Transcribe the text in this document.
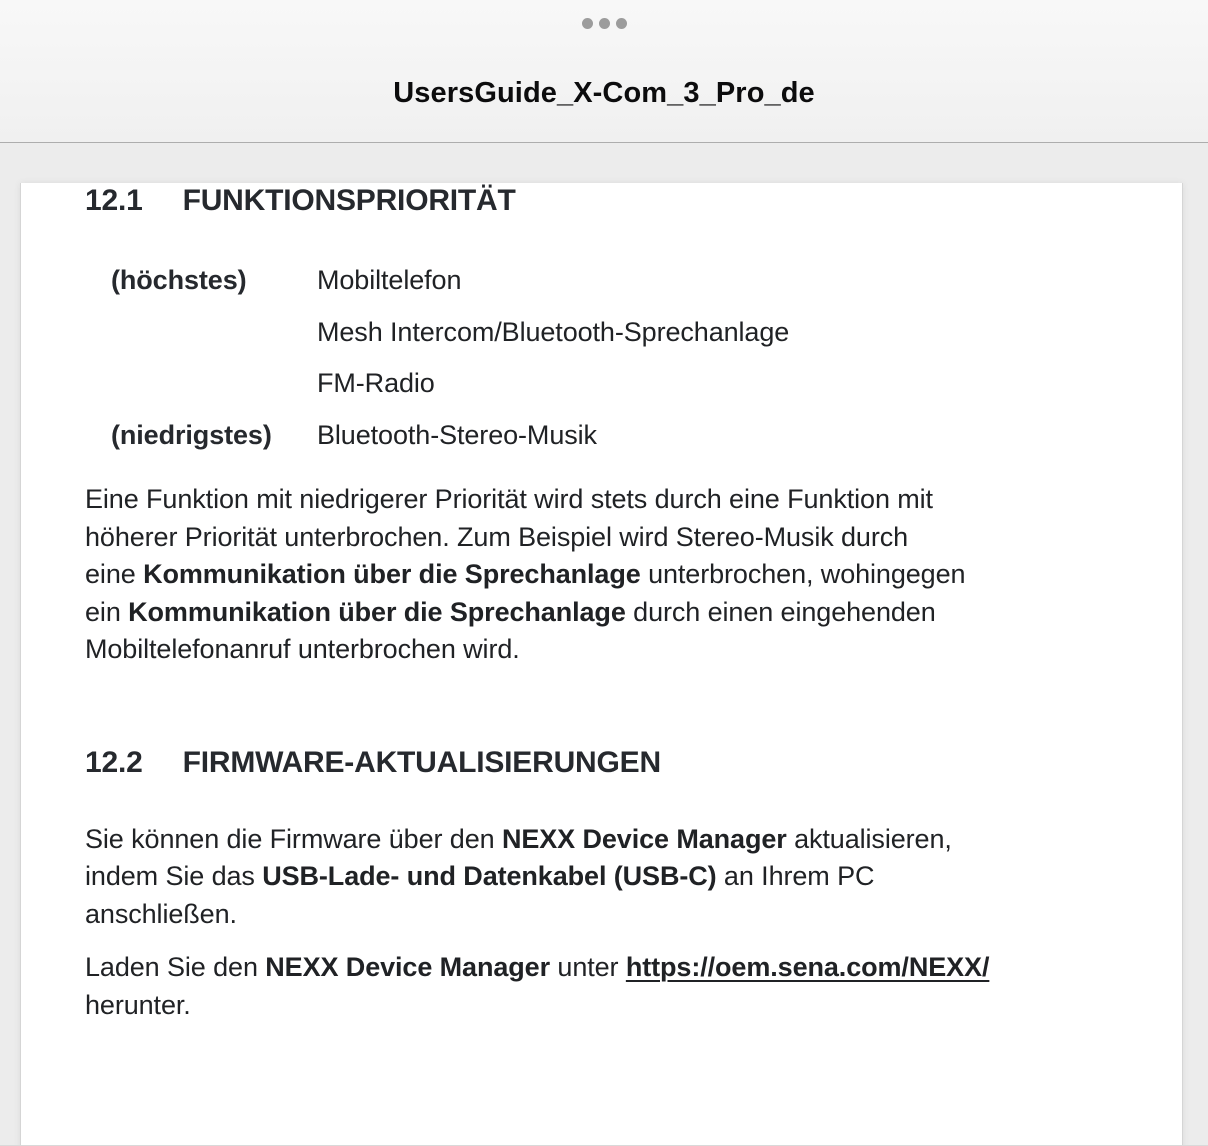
UsersGuide_X-Com_3_Pro_de
12.1 FUNKTIONSPRIORITÄT
(höchstes)	Mobiltelefon
Mesh Intercom/Bluetooth-Sprechanlage
FM-Radio
(niedrigstes)	Bluetooth-Stereo-Musik

Eine Funktion mit niedrigerer Priorität wird stets durch eine Funktion mit
höherer Priorität unterbrochen. Zum Beispiel wird Stereo-Musik durch
eine Kommunikation über die Sprechanlage unterbrochen, wohingegen
ein Kommunikation über die Sprechanlage durch einen eingehenden
Mobiltelefonanruf unterbrochen wird.

12.2 FIRMWARE-AKTUALISIERUNGEN

Sie können die Firmware über den NEXX Device Manager aktualisieren,
indem Sie das USB-Lade- und Datenkabel (USB-C) an Ihrem PC
anschließen.

Laden Sie den NEXX Device Manager unter https://oem.sena.com/NEXX/
herunter.
